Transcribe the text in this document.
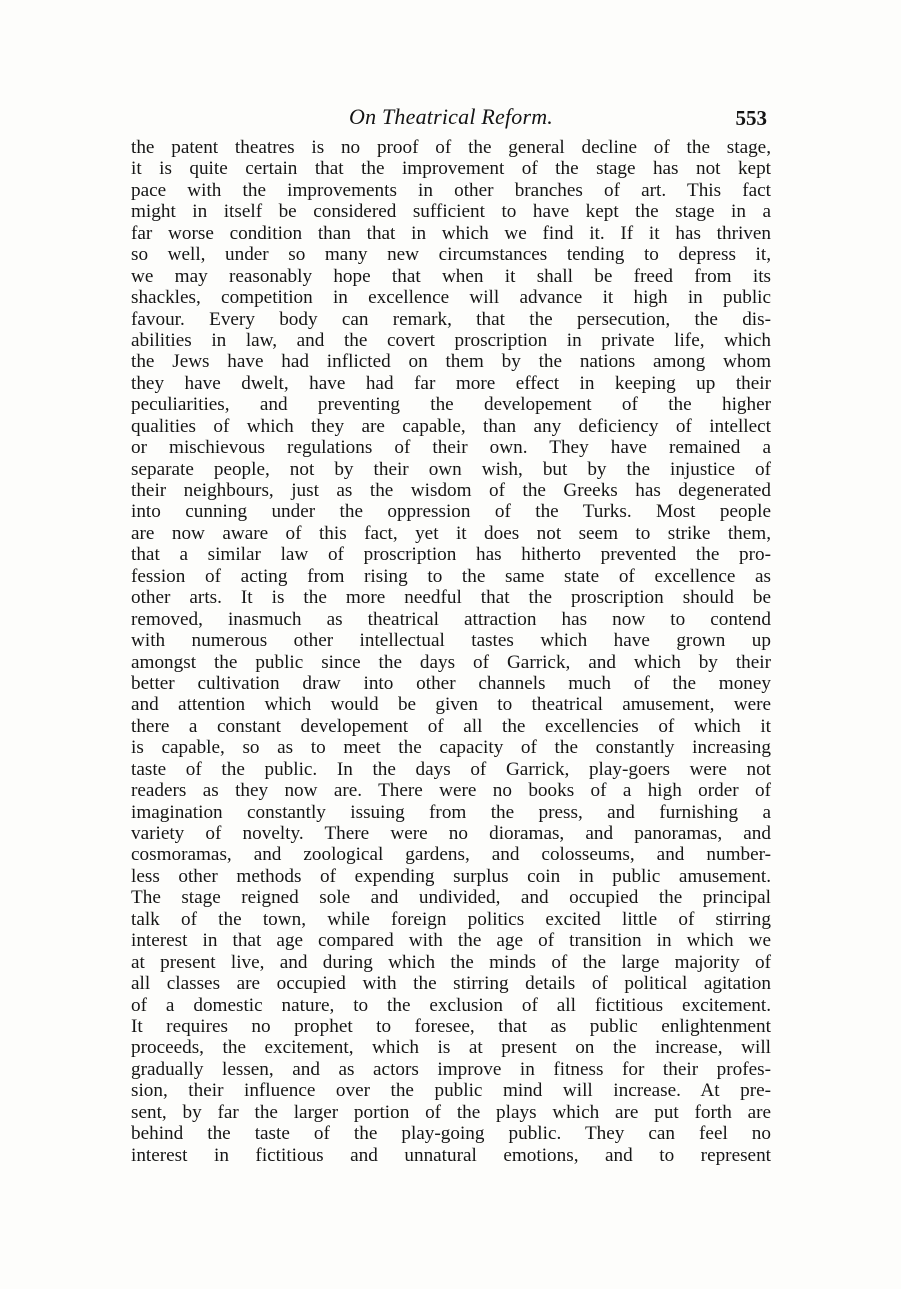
On Theatrical Reform.	553
the patent theatres is no proof of the general decline of the stage,
it is quite certain that the improvement of the stage has not kept
pace with the improvements in other branches of art. This fact
might in itself be considered sufficient to have kept the stage in a
far worse condition than that in which we find it. If it has thriven
so well, under so many new circumstances tending to depress it,
we may reasonably hope that when it shall be freed from its
shackles, competition in excellence will advance it high in public
favour. Every body can remark, that the persecution, the dis-
abilities in law, and the covert proscription in private life, which
the Jews have had inflicted on them by the nations among whom
they have dwelt, have had far more effect in keeping up their
peculiarities, and preventing the developement of the higher
qualities of which they are capable, than any deficiency of intellect
or mischievous regulations of their own. They have remained a
separate people, not by their own wish, but by the injustice of
their neighbours, just as the wisdom of the Greeks has degenerated
into cunning under the oppression of the Turks. Most people
are now aware of this fact, yet it does not seem to strike them,
that a similar law of proscription has hitherto prevented the pro-
fession of acting from rising to the same state of excellence as
other arts. It is the more needful that the proscription should be
removed, inasmuch as theatrical attraction has now to contend
with numerous other intellectual tastes which have grown up
amongst the public since the days of Garrick, and which by their
better cultivation draw into other channels much of the money
and attention which would be given to theatrical amusement, were
there a constant developement of all the excellencies of which it
is capable, so as to meet the capacity of the constantly increasing
taste of the public. In the days of Garrick, play-goers were not
readers as they now are. There were no books of a high order of
imagination constantly issuing from the press, and furnishing a
variety of novelty. There were no dioramas, and panoramas, and
cosmoramas, and zoological gardens, and colosseums, and number-
less other methods of expending surplus coin in public amusement.
The stage reigned sole and undivided, and occupied the principal
talk of the town, while foreign politics excited little of stirring
interest in that age compared with the age of transition in which we
at present live, and during which the minds of the large majority of
all classes are occupied with the stirring details of political agitation
of a domestic nature, to the exclusion of all fictitious excitement.
It requires no prophet to foresee, that as public enlightenment
proceeds, the excitement, which is at present on the increase, will
gradually lessen, and as actors improve in fitness for their profes-
sion, their influence over the public mind will increase. At pre-
sent, by far the larger portion of the plays which are put forth are
behind the taste of the play-going public. They can feel no
interest in fictitious and unnatural emotions, and to represent
